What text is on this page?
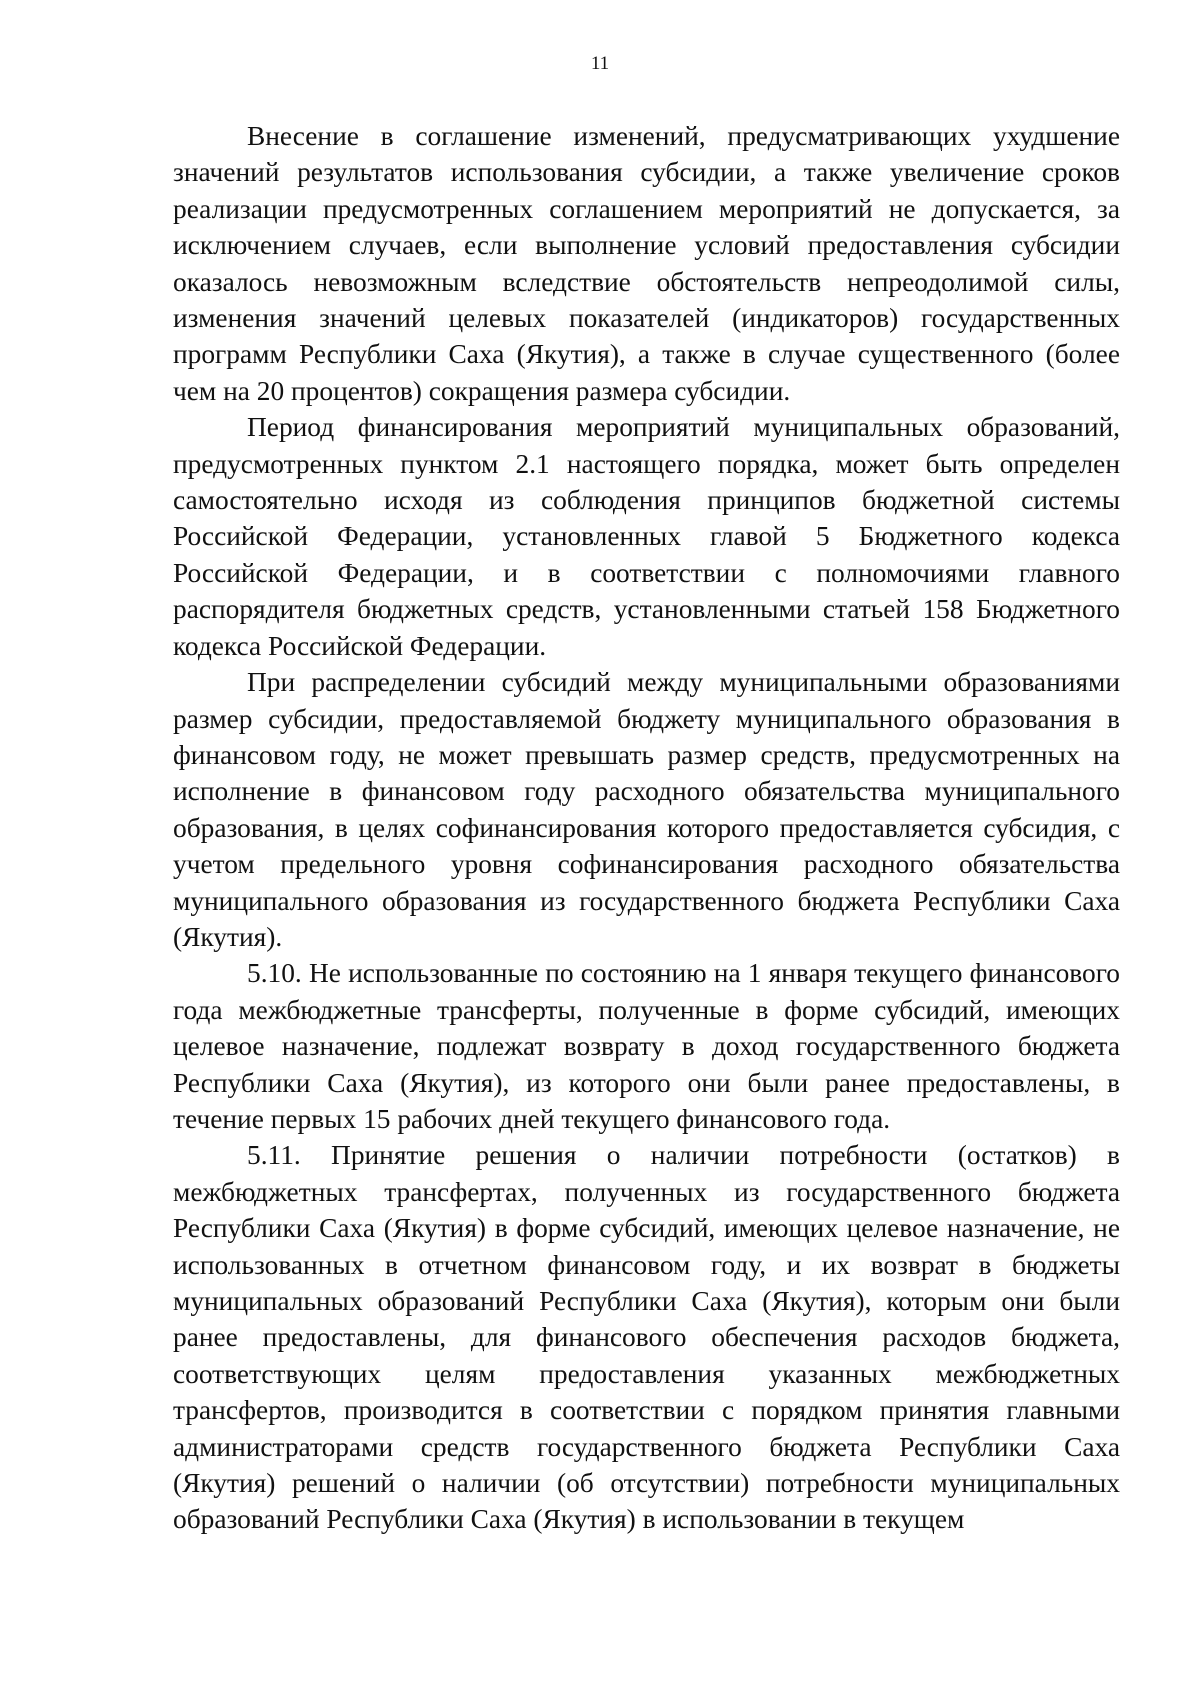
11

Внесение в соглашение изменений, предусматривающих ухудшение значений результатов использования субсидии, а также увеличение сроков реализации предусмотренных соглашением мероприятий не допускается, за исключением случаев, если выполнение условий предоставления субсидии оказалось невозможным вследствие обстоятельств непреодолимой силы, изменения значений целевых показателей (индикаторов) государственных программ Республики Саха (Якутия), а также в случае существенного (более чем на 20 процентов) сокращения размера субсидии.

Период финансирования мероприятий муниципальных образований, предусмотренных пунктом 2.1 настоящего порядка, может быть определен самостоятельно исходя из соблюдения принципов бюджетной системы Российской Федерации, установленных главой 5 Бюджетного кодекса Российской Федерации, и в соответствии с полномочиями главного распорядителя бюджетных средств, установленными статьей 158 Бюджетного кодекса Российской Федерации.

При распределении субсидий между муниципальными образованиями размер субсидии, предоставляемой бюджету муниципального образования в финансовом году, не может превышать размер средств, предусмотренных на исполнение в финансовом году расходного обязательства муниципального образования, в целях софинансирования которого предоставляется субсидия, с учетом предельного уровня софинансирования расходного обязательства муниципального образования из государственного бюджета Республики Саха (Якутия).

5.10. Не использованные по состоянию на 1 января текущего финансового года межбюджетные трансферты, полученные в форме субсидий, имеющих целевое назначение, подлежат возврату в доход государственного бюджета Республики Саха (Якутия), из которого они были ранее предоставлены, в течение первых 15 рабочих дней текущего финансового года.

5.11. Принятие решения о наличии потребности (остатков) в межбюджетных трансфертах, полученных из государственного бюджета Республики Саха (Якутия) в форме субсидий, имеющих целевое назначение, не использованных в отчетном финансовом году, и их возврат в бюджеты муниципальных образований Республики Саха (Якутия), которым они были ранее предоставлены, для финансового обеспечения расходов бюджета, соответствующих целям предоставления указанных межбюджетных трансфертов, производится в соответствии с порядком принятия главными администраторами средств государственного бюджета Республики Саха (Якутия) решений о наличии (об отсутствии) потребности муниципальных образований Республики Саха (Якутия) в использовании в текущем
